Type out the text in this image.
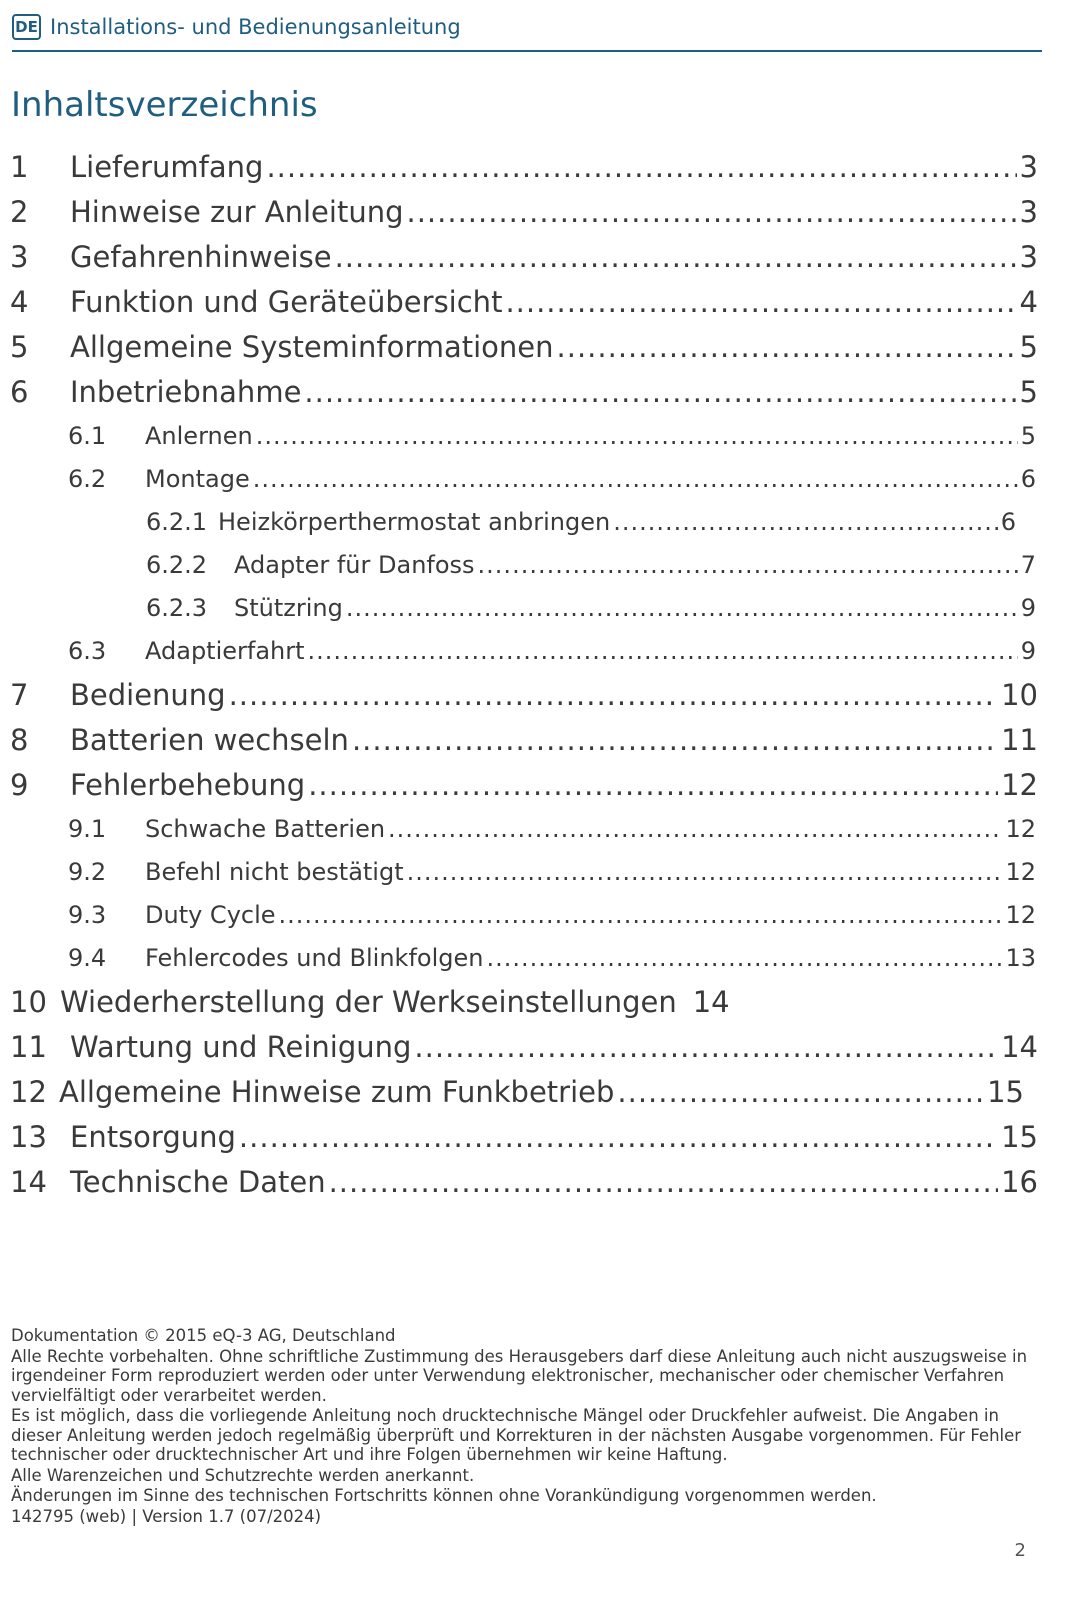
DE Installations- und Bedienungsanleitung
Inhaltsverzeichnis
1	Lieferumfang .....	3
2	Hinweise zur Anleitung .....	3
3	Gefahrenhinweise .....	3
4	Funktion und Geräteübersicht .....	4
5	Allgemeine Systeminformationen .....	5
6	Inbetriebnahme .....	5
6.1	Anlernen .....	5
6.2	Montage .....	6
6.2.1 Heizkörperthermostat anbringen .....	6
6.2.2	Adapter für Danfoss .....	7
6.2.3	Stützring .....	9
6.3	Adaptierfahrt .....	9
7	Bedienung .....	10
8	Batterien wechseln .....	11
9	Fehlerbehebung .....	12
9.1	Schwache Batterien .....	12
9.2	Befehl nicht bestätigt .....	12
9.3	Duty Cycle .....	12
9.4	Fehlercodes und Blinkfolgen .....	13
10 Wiederherstellung der Werkseinstellungen 14
11 Wartung und Reinigung .....	14
12 Allgemeine Hinweise zum Funkbetrieb .....	15
13 Entsorgung .....	15
14 Technische Daten .....	16

Dokumentation © 2015 eQ-3 AG, Deutschland

Alle Rechte vorbehalten. Ohne schriftliche Zustimmung des Herausgebers darf diese Anleitung auch nicht auszugsweise in irgendeiner Form reproduziert werden oder unter Verwendung elektronischer, mechanischer oder chemischer Verfahren vervielfältigt oder verarbeitet werden.

Es ist möglich, dass die vorliegende Anleitung noch drucktechnische Mängel oder Druckfehler aufweist. Die Angaben in dieser Anleitung werden jedoch regelmäßig überprüft und Korrekturen in der nächsten Ausgabe vorgenommen. Für Fehler technischer oder drucktechnischer Art und ihre Folgen übernehmen wir keine Haftung.

Alle Warenzeichen und Schutzrechte werden anerkannt.

Änderungen im Sinne des technischen Fortschritts können ohne Vorankündigung vorgenommen werden.

142795 (web) | Version 1.7 (07/2024)

2
